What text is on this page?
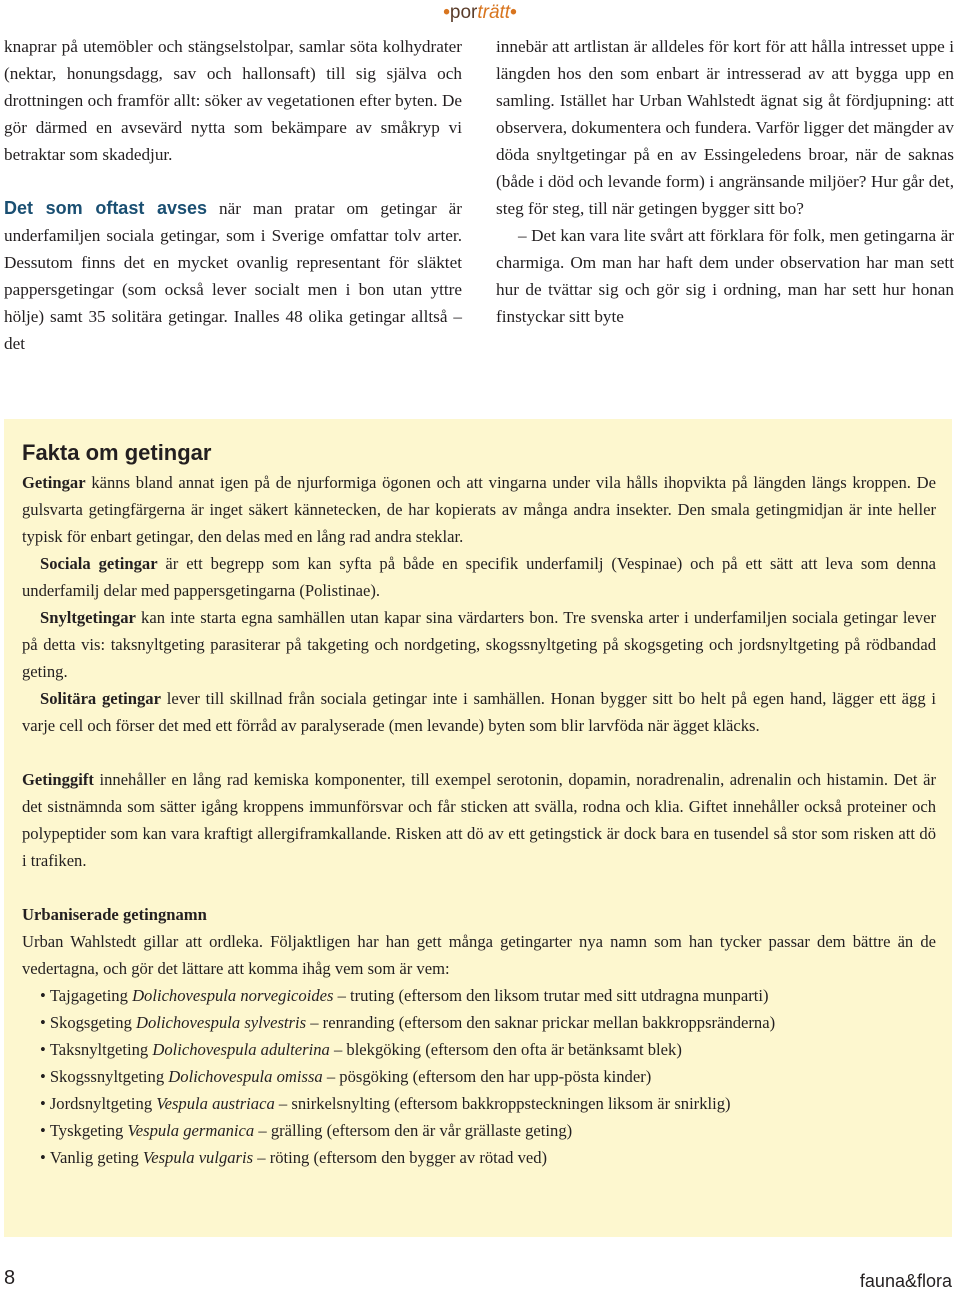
•porträtt•

knaprar på utemöbler och stängselstolpar, samlar söta kolhydrater (nektar, honungsdagg, sav och hallonsaft) till sig själva och drottningen och framför allt: söker av vegetationen efter byten. De gör därmed en avsevärd nytta som bekämpare av småkryp vi betraktar som skadedjur.

Det som oftast avses när man pratar om getingar är underfamiljen sociala getingar, som i Sverige omfattar tolv arter. Dessutom finns det en mycket ovanlig representant för släktet pappersgetingar (som också lever socialt men i bon utan yttre hölje) samt 35 solitära getingar. Inalles 48 olika getingar alltså – det

innebär att artlistan är alldeles för kort för att hålla intresset uppe i längden hos den som enbart är intresserad av att bygga upp en samling. Istället har Urban Wahlstedt ägnat sig åt fördjupning: att observera, dokumentera och fundera. Varför ligger det mängder av döda snyltgetingar på en av Essingeledens broar, när de saknas (både i död och levande form) i angränsande miljöer? Hur går det, steg för steg, till när getingen bygger sitt bo?

– Det kan vara lite svårt att förklara för folk, men getingarna är charmiga. Om man har haft dem under observation har man sett hur de tvättar sig och gör sig i ordning, man har sett hur honan finstyckar sitt byte

Fakta om getingar

Getingar känns bland annat igen på de njurformiga ögonen och att vingarna under vila hålls ihopvikta på längden längs kroppen. De gulsvarta getingfärgerna är inget säkert kännetecken, de har kopierats av många andra insekter. Den smala getingmidjan är inte heller typisk för enbart getingar, den delas med en lång rad andra steklar.

Sociala getingar är ett begrepp som kan syfta på både en specifik underfamilj (Vespinae) och på ett sätt att leva som denna underfamilj delar med pappersgetingarna (Polistinae).

Snyltgetingar kan inte starta egna samhällen utan kapar sina värdarters bon. Tre svenska arter i underfamiljen sociala getingar lever på detta vis: taksnyltgeting parasiterar på takgeting och nordgeting, skogssnyltgeting på skogsgeting och jordsnyltgeting på rödbandad geting.

Solitära getingar lever till skillnad från sociala getingar inte i samhällen. Honan bygger sitt bo helt på egen hand, lägger ett ägg i varje cell och förser det med ett förråd av paralyserade (men levande) byten som blir larvföda när ägget kläcks.

Getinggift innehåller en lång rad kemiska komponenter, till exempel serotonin, dopamin, noradrenalin, adrenalin och histamin. Det är det sistnämnda som sätter igång kroppens immunförsvar och får sticken att svälla, rodna och klia. Giftet innehåller också proteiner och polypeptider som kan vara kraftigt allergiframkallande. Risken att dö av ett getingstick är dock bara en tusendel så stor som risken att dö i trafiken.

Urbaniserade getingnamn

Urban Wahlstedt gillar att ordleka. Följaktligen har han gett många getingarter nya namn som han tycker passar dem bättre än de vedertagna, och gör det lättare att komma ihåg vem som är vem:

• Tajgageting Dolichovespula norvegicoides – truting (eftersom den liksom trutar med sitt utdragna munparti)
• Skogsgeting Dolichovespula sylvestris – renranding (eftersom den saknar prickar mellan bakkroppsränderna)
• Taksnyltgeting Dolichovespula adulterina – blekgöking (eftersom den ofta är betänksamt blek)
• Skogssnyltgeting Dolichovespula omissa – pösgöking (eftersom den har upp-pösta kinder)
• Jordsnyltgeting Vespula austriaca – snirkelsnylting (eftersom bakkroppsteckningen liksom är snirklig)
• Tyskgeting Vespula germanica – grälling (eftersom den är vår grällaste geting)
• Vanlig geting Vespula vulgaris – röting (eftersom den bygger av rötad ved)
8	fauna&flora
